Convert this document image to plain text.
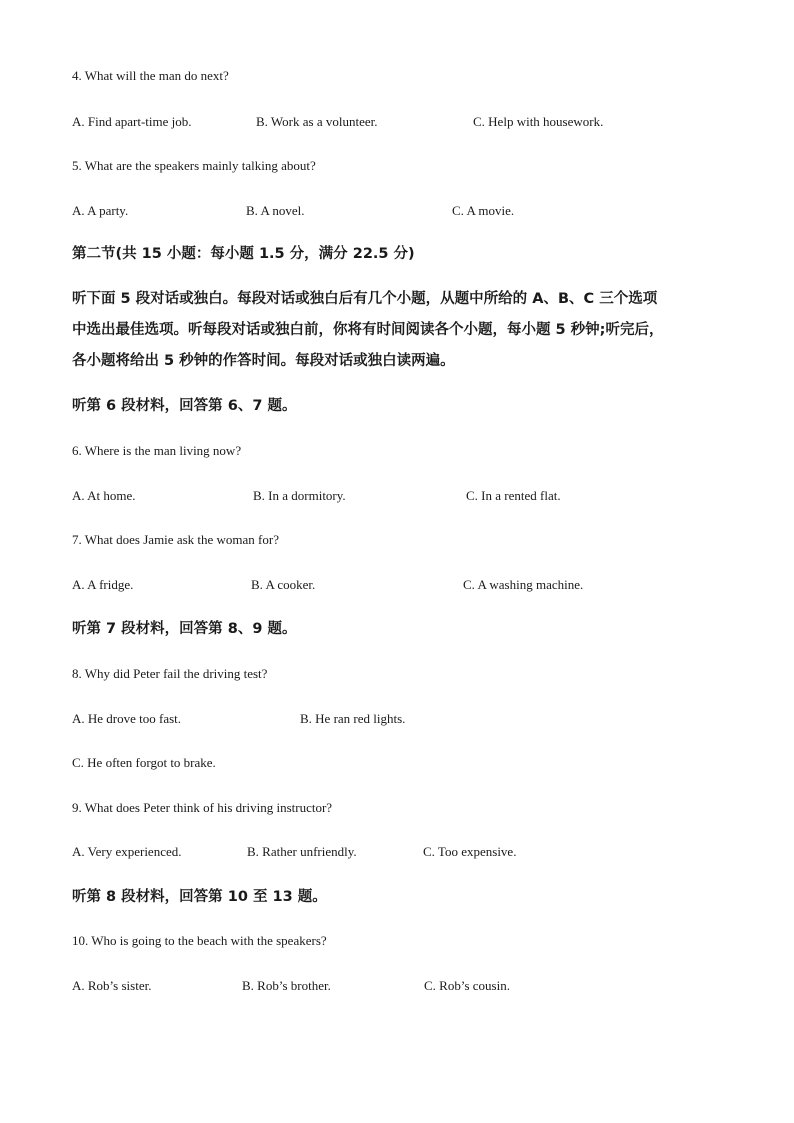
4. What will the man do next?
A. Find apart-time job.	B. Work as a volunteer.	C. Help with housework.
5. What are the speakers mainly talking about?
A. A party.	B. A novel.	C. A movie.
第二节(共 15 小题：每小题 1.5 分，满分 22.5 分)
听下面 5 段对话或独白。每段对话或独白后有几个小题，从题中所给的 A、B、C 三个选项
中选出最佳选项。听每段对话或独白前，你将有时间阅读各个小题，每小题 5 秒钟;听完后，
各小题将给出 5 秒钟的作答时间。每段对话或独白读两遍。
听第 6 段材料，回答第 6、7 题。
6. Where is the man living now?
A. At home.	B. In a dormitory.	C. In a rented flat.
7. What does Jamie ask the woman for?
A. A fridge.	B. A cooker.	C. A washing machine.
听第 7 段材料，回答第 8、9 题。
8. Why did Peter fail the driving test?
A. He drove too fast.	B. He ran red lights.
C. He often forgot to brake.
9. What does Peter think of his driving instructor?
A. Very experienced.	B. Rather unfriendly.	C. Too expensive.
听第 8 段材料，回答第 10 至 13 题。
10. Who is going to the beach with the speakers?
A. Rob’s sister.	B. Rob’s brother.	C. Rob’s cousin.
